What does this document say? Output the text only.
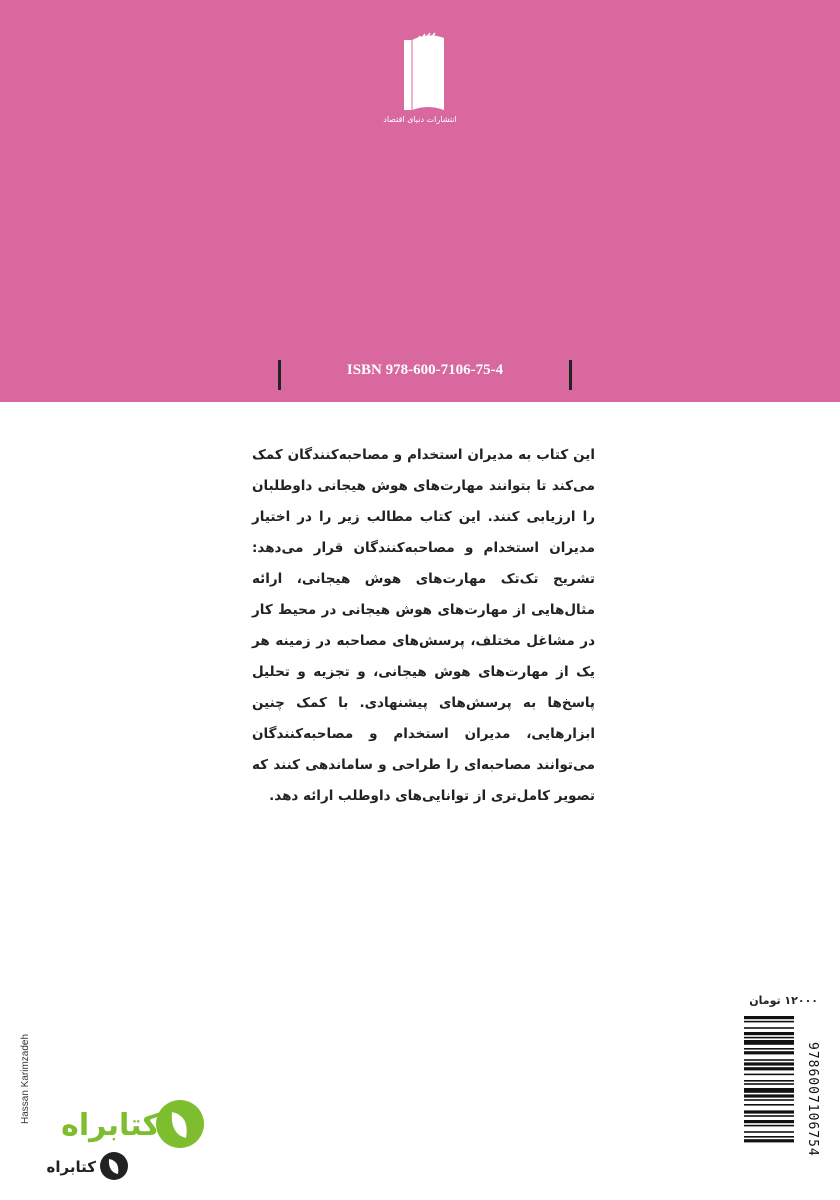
انتشارات دنیای اقتصاد
ISBN 978-600-7106-75-4
این کتاب به مدیران استخدام و مصاحبه‌کنندگان کمک می‌کند تا بتوانند مهارت‌های هوش هیجانی داوطلبان را ارزیابی کنند. این کتاب مطالب زیر را در اختیار مدیران استخدام و مصاحبه‌کنندگان قرار می‌دهد: تشریح تک‌تک مهارت‌های هوش هیجانی، ارائه مثال‌هایی از مهارت‌های هوش هیجانی در محیط کار در مشاغل مختلف، پرسش‌های مصاحبه در زمینه هر یک از مهارت‌های هوش هیجانی، و تجزیه و تحلیل پاسخ‌ها به پرسش‌های پیشنهادی. با کمک چنین ابزارهایی، مدیران استخدام و مصاحبه‌کنندگان می‌توانند مصاحبه‌ای را طراحی و ساماندهی کنند که تصویر کامل‌تری از توانایی‌های داوطلب ارائه دهد.
۱۲۰۰۰ تومان
9786007106754
Hassan Karimzadeh
کتابراه
کتابراه
